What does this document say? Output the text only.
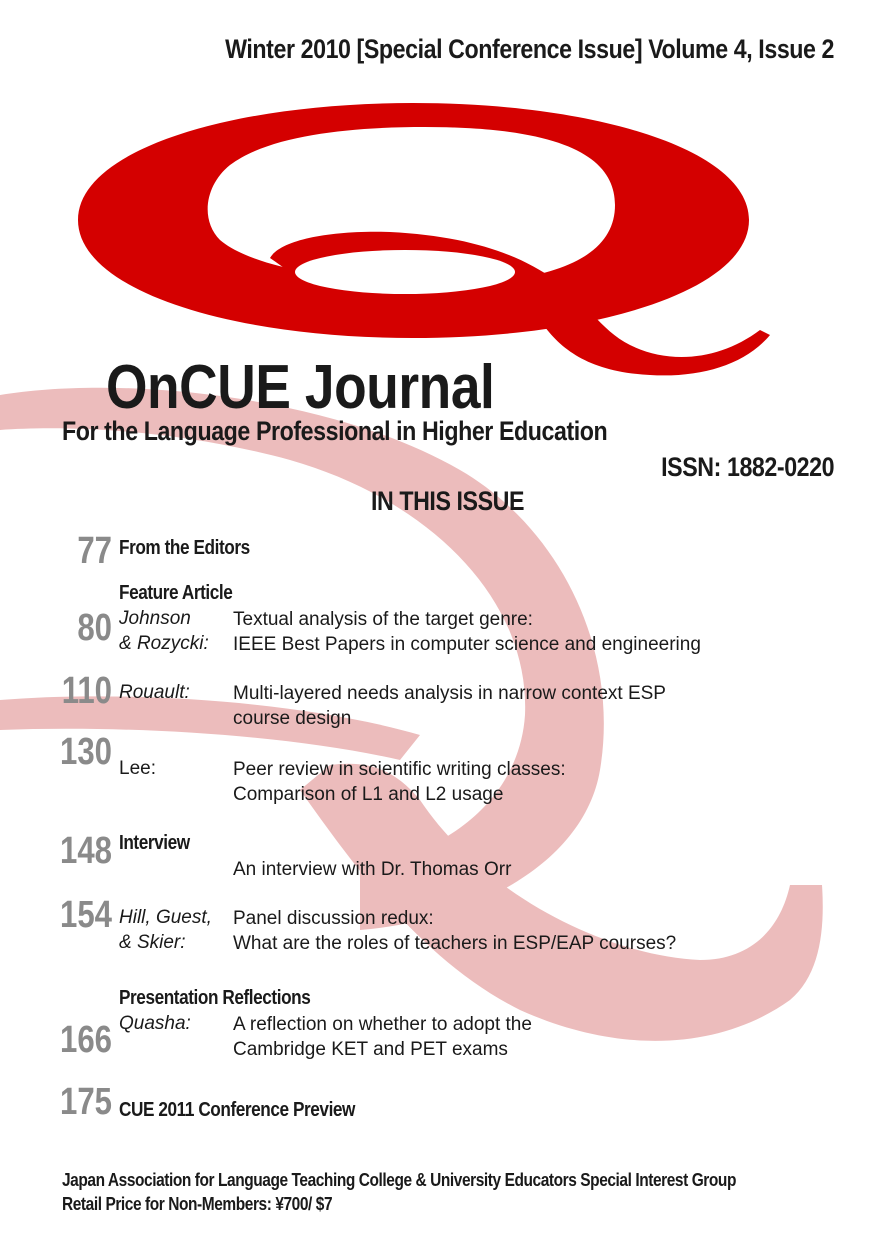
Winter 2010 [Special Conference Issue] Volume 4, Issue 2
OnCUE Journal
For the Language Professional in Higher Education
ISSN: 1882-0220
IN THIS ISSUE
77 From the Editors
Feature Article
80 Johnson
& Rozycki:
Textual analysis of the target genre:
IEEE Best Papers in computer science and engineering
110 Rouault: Multi-layered needs analysis in narrow context ESP
course design
130 Lee:	Peer review in scientific writing classes:
Comparison of L1 and L2 usage
148 Interview
An interview with Dr. Thomas Orr
154 Hill, Guest,
& Skier:
Panel discussion redux:
What are the roles of teachers in ESP/EAP courses?
Presentation Reflections
166 Quasha: A reflection on whether to adopt the
Cambridge KET and PET exams
175 CUE 2011 Conference Preview
Japan Association for Language Teaching College & University Educators Special Interest Group
Retail Price for Non-Members: ¥700/ $7
